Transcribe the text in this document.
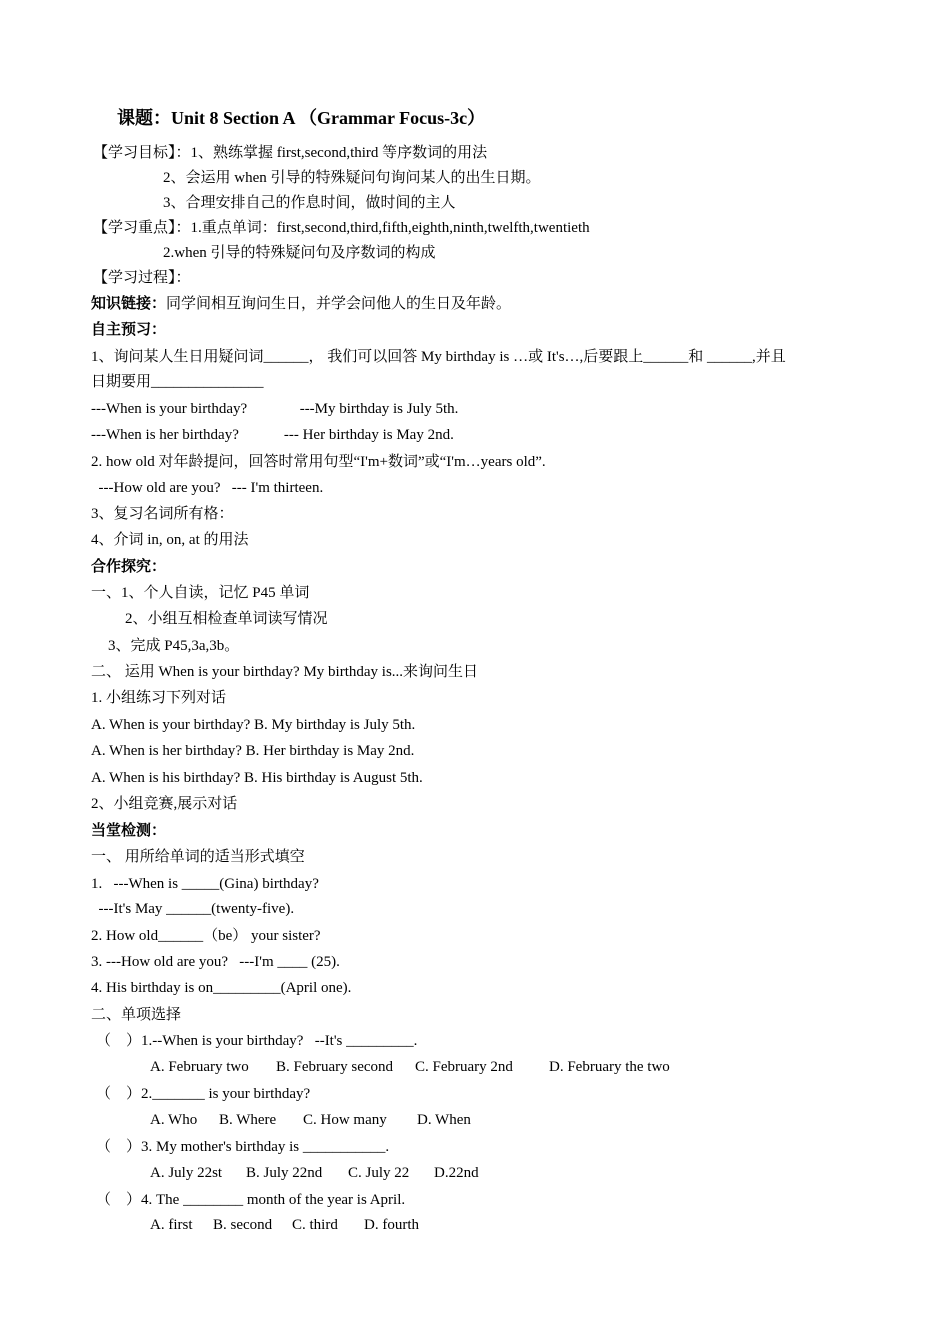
课题：Unit 8 Section A （Grammar Focus-3c）
【学习目标】：1、熟练掌握 first,second,third 等序数词的用法
2、会运用 when 引导的特殊疑问句询问某人的出生日期。
3、合理安排自己的作息时间，做时间的主人
【学习重点】：1.重点单词：first,second,third,fifth,eighth,ninth,twelfth,twentieth
2.when 引导的特殊疑问句及序数词的构成
【学习过程】：
知识链接：同学间相互询问生日，并学会问他人的生日及年龄。
自主预习：
1、询问某人生日用疑问词______， 我们可以回答 My birthday is …或 It's…,后要跟上______和 ______,并且
日期要用_______________
---When is your birthday?              ---My birthday is July 5th.
---When is her birthday?            --- Her birthday is May 2nd.
2. how old 对年龄提问，回答时常用句型“I'm+数词”或“I'm…years old”.
---How old are you?   --- I'm thirteen.
3、复习名词所有格：
4、介词 in, on, at 的用法
合作探究：
一、1、个人自读，记忆 P45 单词
2、小组互相检查单词读写情况
3、完成 P45,3a,3b。
二、 运用 When is your birthday? My birthday is...来询问生日
1. 小组练习下列对话
A. When is your birthday? B. My birthday is July 5th.
A. When is her birthday? B. Her birthday is May 2nd.
A. When is his birthday? B. His birthday is August 5th.
2、小组竞赛,展示对话
当堂检测：
一、 用所给单词的适当形式填空
1.   ---When is _____(Gina) birthday?
---It's May ______(twenty-five).
2. How old______（be） your sister?
3. ---How old are you?   ---I'm ____ (25).
4. His birthday is on_________(April one).
二、单项选择
（    ）1.--When is your birthday?   --It's _________.
A. February two B. February second C. February 2nd D. February the two
（    ）2._______ is your birthday?
A. Who B. Where C. How many D. When
（    ）3. My mother's birthday is ___________.
A. July 22st B. July 22nd C. July 22 D.22nd
（    ）4. The ________ month of the year is April.
A. first B. second C. third D. fourth
